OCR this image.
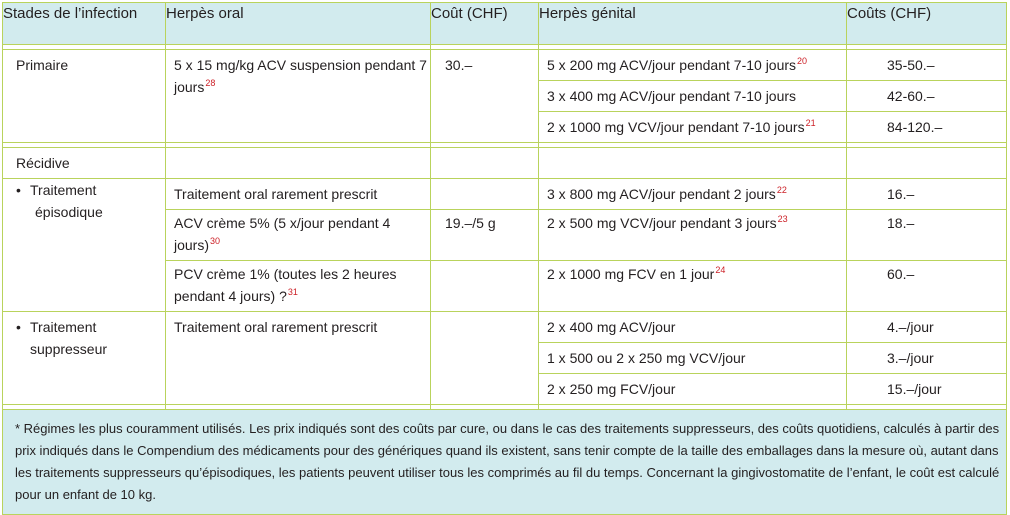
Stades de l’infection	Herpès oral	Coût (CHF)	Herpès génital	Coûts (CHF)

Primaire	5 x 15 mg/kg ACV suspension pendant 7 jours$^{28}$	30.–	5 x 200 mg ACV/jour pendant 7-10 jours$^{20}$	35-50.–

			3 x 400 mg ACV/jour pendant 7-10 jours	42-60.–

			2 x 1000 mg VCV/jour pendant 7-10 jours$^{21}$	84-120.–

Récidive				

• Traitement
épisodique	Traitement oral rarement prescrit		3 x 800 mg ACV/jour pendant 2 jours$^{22}$	16.–

	ACV crème 5% (5 x/jour pendant 4 jours)$^{30}$	19.–/5 g	2 x 500 mg VCV/jour pendant 3 jours$^{23}$	18.–

	PCV crème 1% (toutes les 2 heures pendant 4 jours) ?$^{31}$		2 x 1000 mg FCV en 1 jour$^{24}$	60.–

• Traitement
suppresseur	Traitement oral rarement prescrit		2 x 400 mg ACV/jour	4.–/jour

			1 x 500 ou 2 x 250 mg VCV/jour	3.–/jour

			2 x 250 mg FCV/jour	15.–/jour

* Régimes les plus couramment utilisés. Les prix indiqués sont des coûts par cure, ou dans le cas des traitements suppresseurs, des coûts quotidiens, calculés à partir des prix indiqués dans le Compendium des médicaments pour des génériques quand ils existent, sans tenir compte de la taille des emballages dans la mesure où, autant dans les traitements suppresseurs qu’épisodiques, les patients peuvent utiliser tous les comprimés au fil du temps. Concernant la gingivostomatite de l’enfant, le coût est calculé pour un enfant de 10 kg.				
